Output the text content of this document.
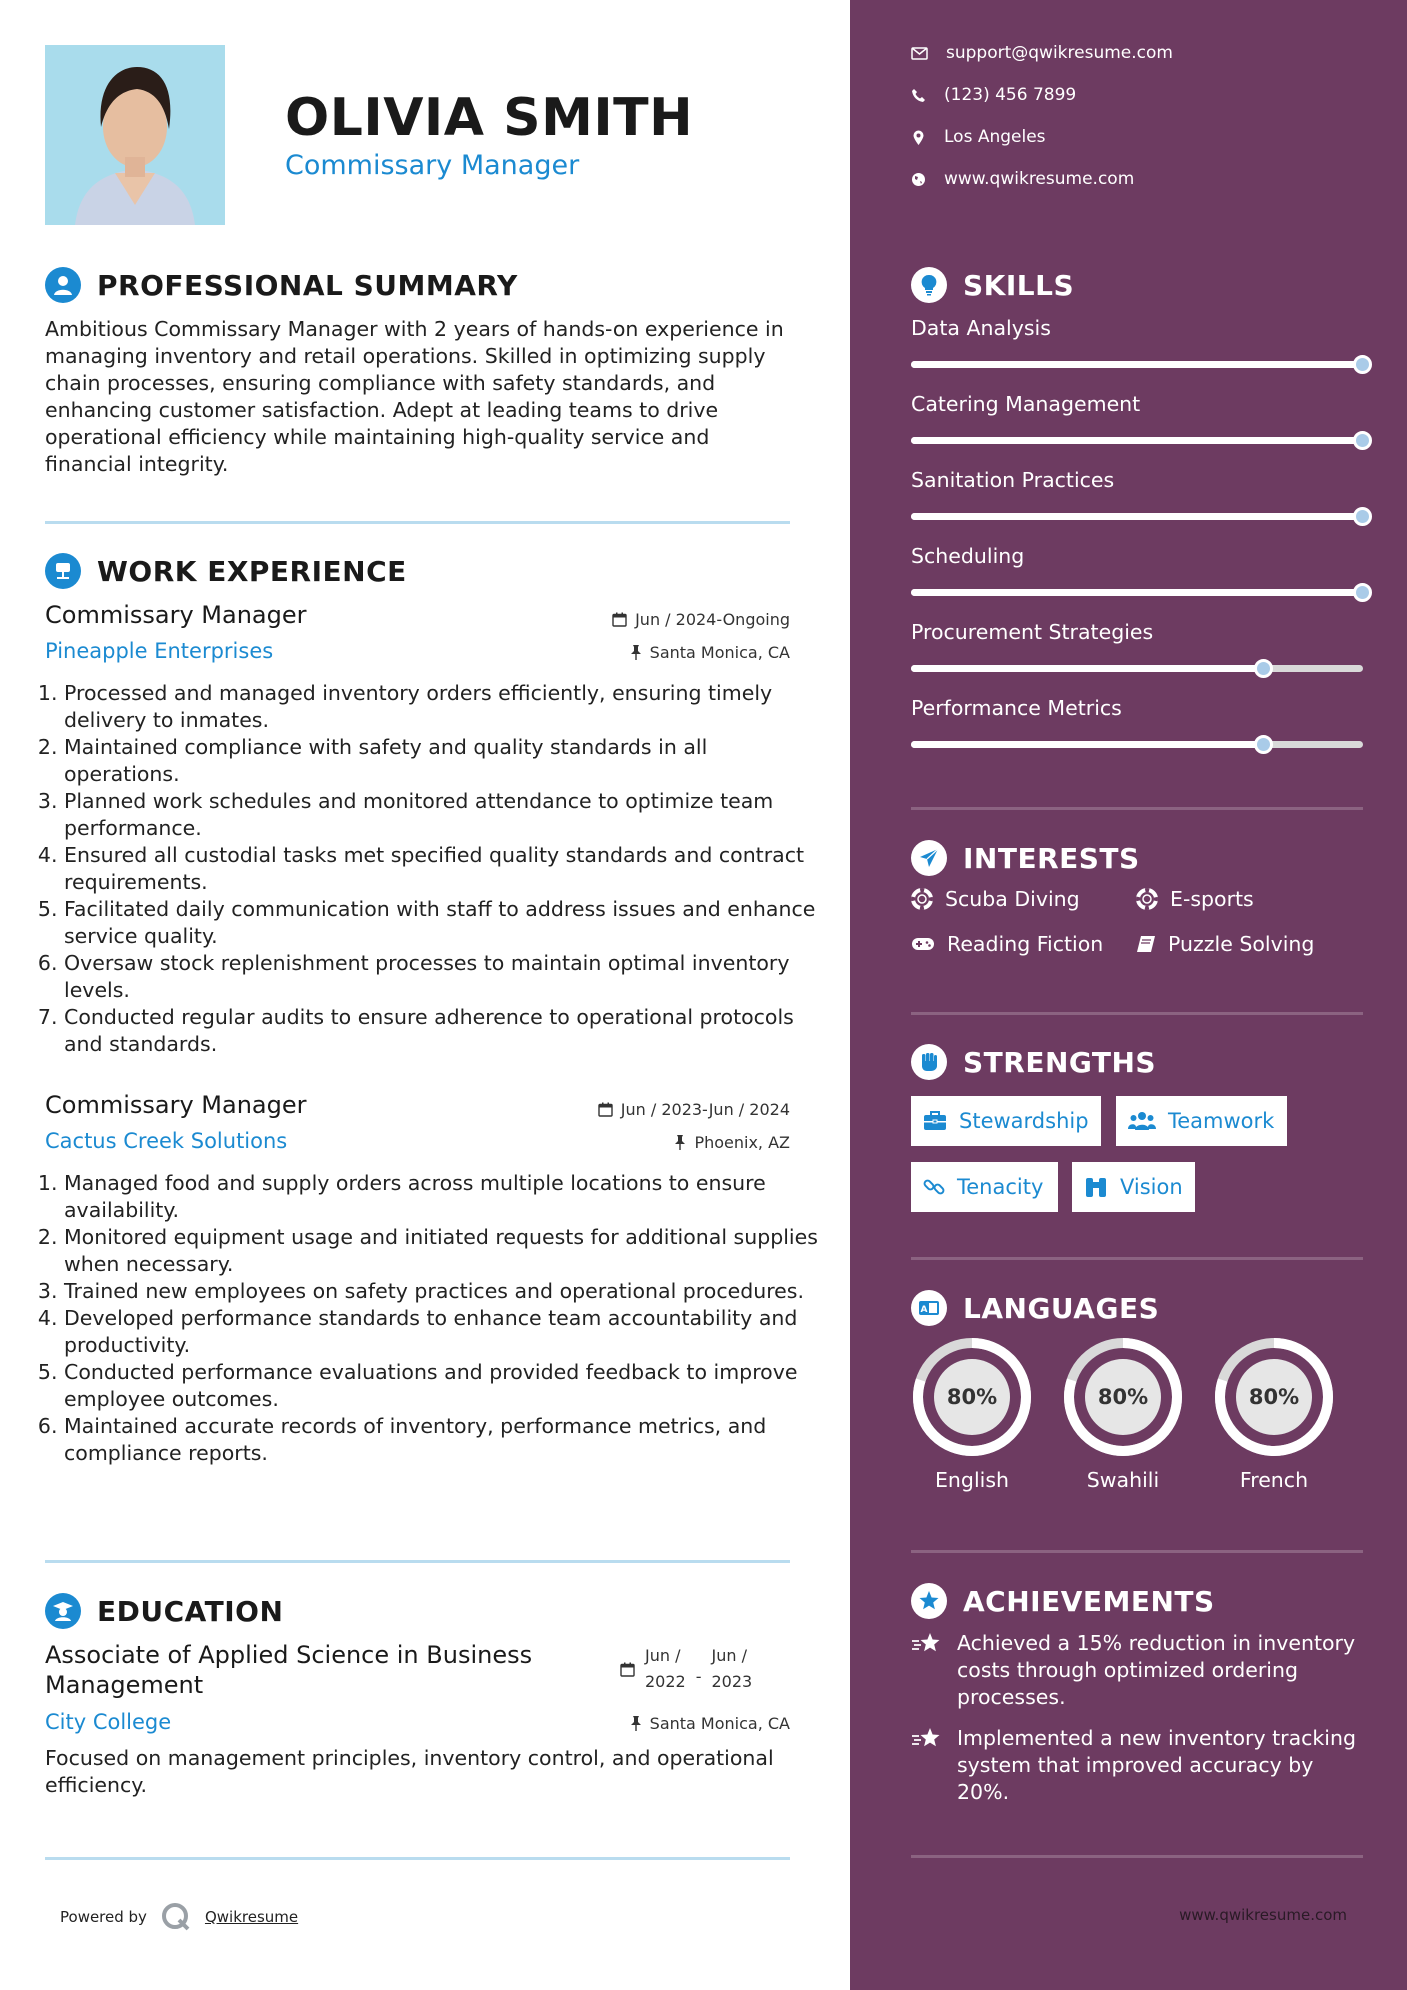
OLIVIA SMITH
Commissary Manager
PROFESSIONAL SUMMARY
Ambitious Commissary Manager with 2 years of hands-on experience in managing inventory and retail operations. Skilled in optimizing supply chain processes, ensuring compliance with safety standards, and enhancing customer satisfaction. Adept at leading teams to drive operational efficiency while maintaining high-quality service and financial integrity.
WORK EXPERIENCE
Commissary Manager	Jun / 2024-Ongoing
Pineapple Enterprises	Santa Monica, CA
1. Processed and managed inventory orders efficiently, ensuring timely delivery to inmates.
2. Maintained compliance with safety and quality standards in all operations.
3. Planned work schedules and monitored attendance to optimize team performance.
4. Ensured all custodial tasks met specified quality standards and contract requirements.
5. Facilitated daily communication with staff to address issues and enhance service quality.
6. Oversaw stock replenishment processes to maintain optimal inventory levels.
7. Conducted regular audits to ensure adherence to operational protocols and standards.
Commissary Manager	Jun / 2023-Jun / 2024
Cactus Creek Solutions	Phoenix, AZ
1. Managed food and supply orders across multiple locations to ensure availability.
2. Monitored equipment usage and initiated requests for additional supplies when necessary.
3. Trained new employees on safety practices and operational procedures.
4. Developed performance standards to enhance team accountability and productivity.
5. Conducted performance evaluations and provided feedback to improve employee outcomes.
6. Maintained accurate records of inventory, performance metrics, and compliance reports.
EDUCATION
Associate of Applied Science in Business
Management
Jun /
2022 -
Jun /
2023
City College	Santa Monica, CA
Focused on management principles, inventory control, and operational efficiency.
Powered by	Qwikresume
support@qwikresume.com
(123) 456 7899
Los Angeles
www.qwikresume.com
SKILLS
Data Analysis
Catering Management
Sanitation Practices
Scheduling
Procurement Strategies
Performance Metrics
INTERESTS
Scuba Diving	E-sports
Reading Fiction	Puzzle Solving
STRENGTHS
Stewardship	Teamwork
Tenacity	Vision
A LANGUAGES
80%
English
80%
Swahili
80%
French
ACHIEVEMENTS
Achieved a 15% reduction in inventory costs through optimized ordering processes.
Implemented a new inventory tracking system that improved accuracy by 20%.
www.qwikresume.com
